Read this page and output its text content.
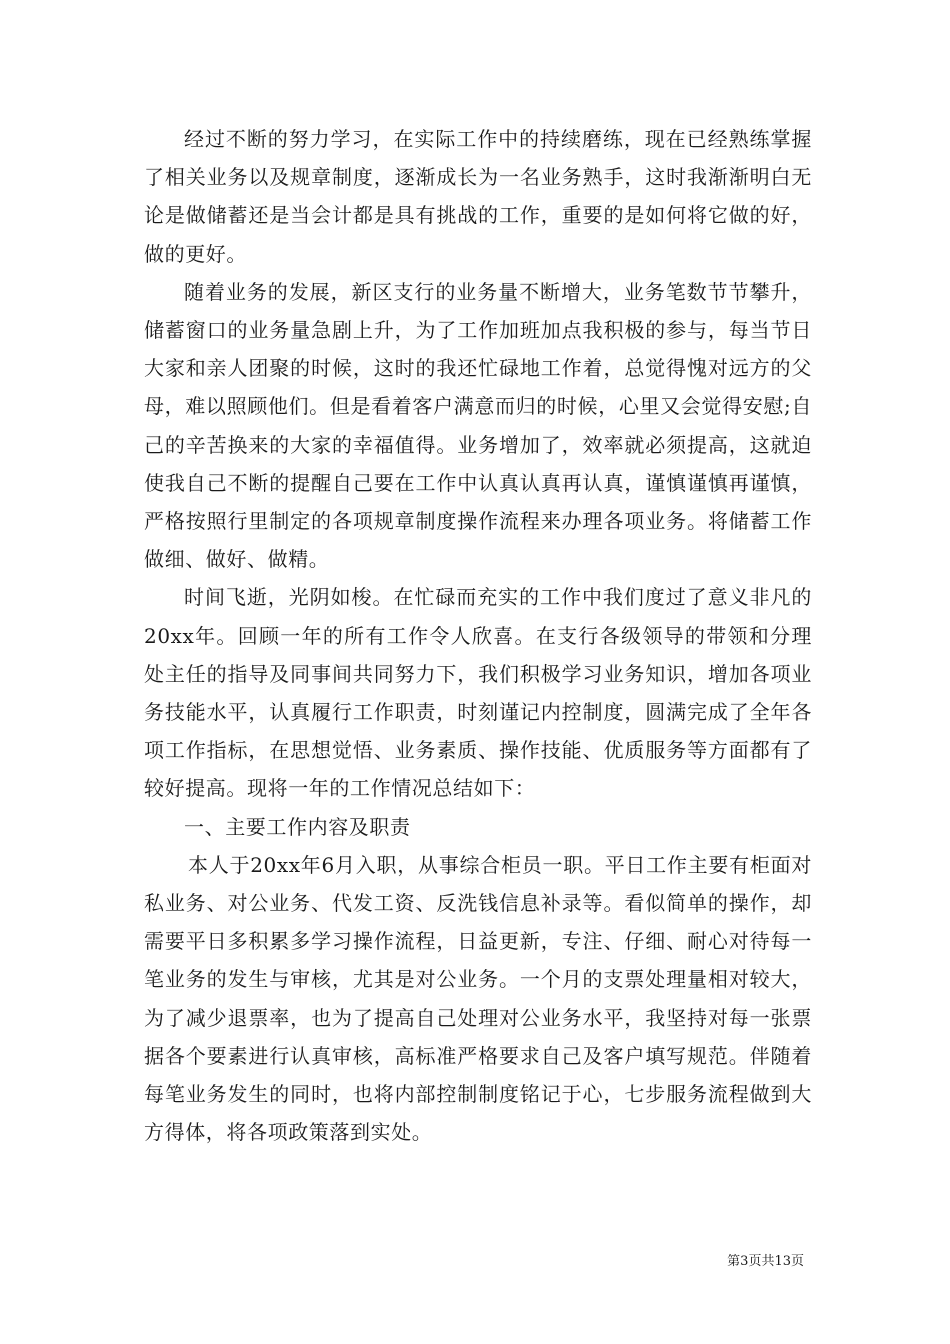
经过不断的努力学习，在实际工作中的持续磨练，现在已经熟练掌握了相关业务以及规章制度，逐渐成长为一名业务熟手，这时我渐渐明白无论是做储蓄还是当会计都是具有挑战的工作，重要的是如何将它做的好，做的更好。

随着业务的发展，新区支行的业务量不断增大，业务笔数节节攀升，储蓄窗口的业务量急剧上升，为了工作加班加点我积极的参与，每当节日大家和亲人团聚的时候，这时的我还忙碌地工作着，总觉得愧对远方的父母，难以照顾他们。但是看着客户满意而归的时候，心里又会觉得安慰;自己的辛苦换来的大家的幸福值得。业务增加了，效率就必须提高，这就迫使我自己不断的提醒自己要在工作中认真认真再认真，谨慎谨慎再谨慎，严格按照行里制定的各项规章制度操作流程来办理各项业务。将储蓄工作做细、做好、做精。

时间飞逝，光阴如梭。在忙碌而充实的工作中我们度过了意义非凡的20xx年。回顾一年的所有工作令人欣喜。在支行各级领导的带领和分理处主任的指导及同事间共同努力下，我们积极学习业务知识，增加各项业务技能水平，认真履行工作职责，时刻谨记内控制度，圆满完成了全年各项工作指标，在思想觉悟、业务素质、操作技能、优质服务等方面都有了较好提高。现将一年的工作情况总结如下：

一、主要工作内容及职责

本人于20xx年6月入职，从事综合柜员一职。平日工作主要有柜面对私业务、对公业务、代发工资、反洗钱信息补录等。看似简单的操作，却需要平日多积累多学习操作流程，日益更新，专注、仔细、耐心对待每一笔业务的发生与审核，尤其是对公业务。一个月的支票处理量相对较大，为了减少退票率，也为了提高自己处理对公业务水平，我坚持对每一张票据各个要素进行认真审核，高标准严格要求自己及客户填写规范。伴随着每笔业务发生的同时，也将内部控制制度铭记于心，七步服务流程做到大方得体，将各项政策落到实处。

第3页共13页
